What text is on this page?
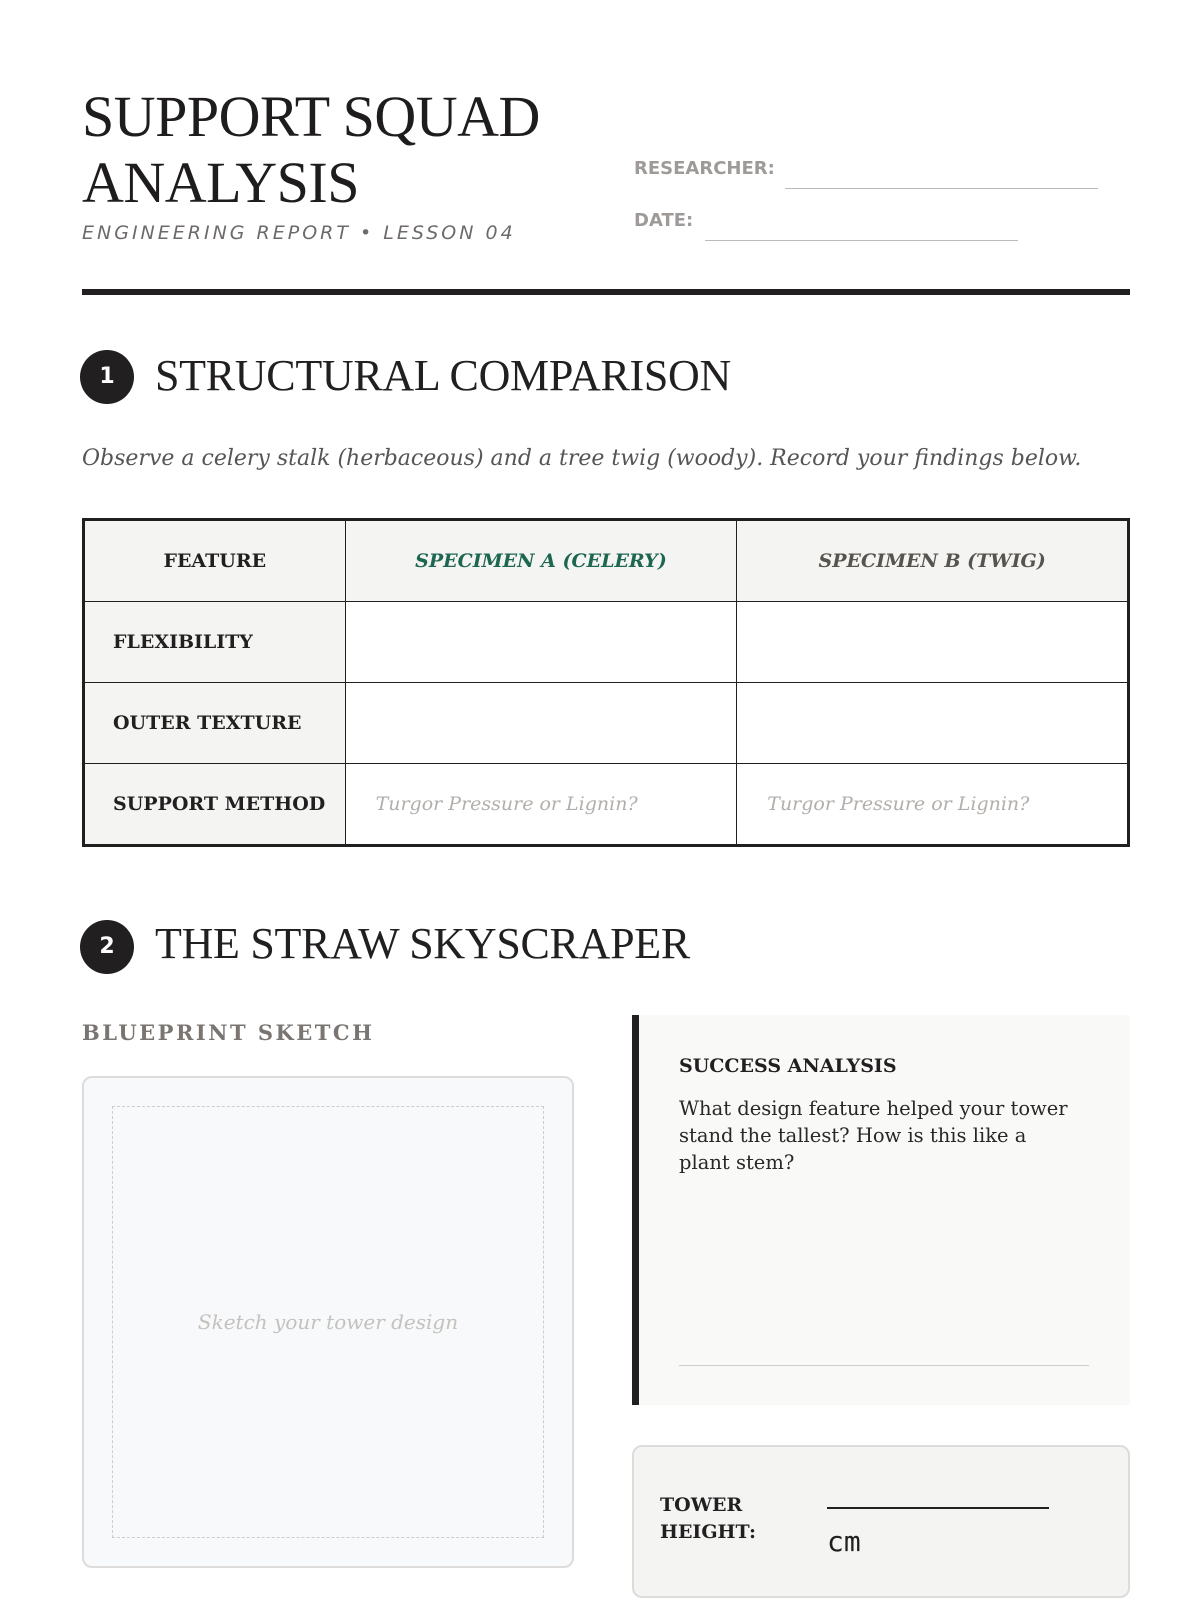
SUPPORT SQUAD
ANALYSIS
ENGINEERING REPORT • LESSON 04
RESEARCHER:
DATE:
1 STRUCTURAL COMPARISON
Observe a celery stalk (herbaceous) and a tree twig (woody). Record your findings below.
FEATURE	SPECIMEN A (CELERY)	SPECIMEN B (TWIG)
FLEXIBILITY		
OUTER TEXTURE		
SUPPORT METHOD	Turgor Pressure or Lignin?	Turgor Pressure or Lignin?
2 THE STRAW SKYSCRAPER
BLUEPRINT SKETCH
Sketch your tower design
SUCCESS ANALYSIS
What design feature helped your tower stand the tallest? How is this like a plant stem?
TOWER
HEIGHT:	cm
